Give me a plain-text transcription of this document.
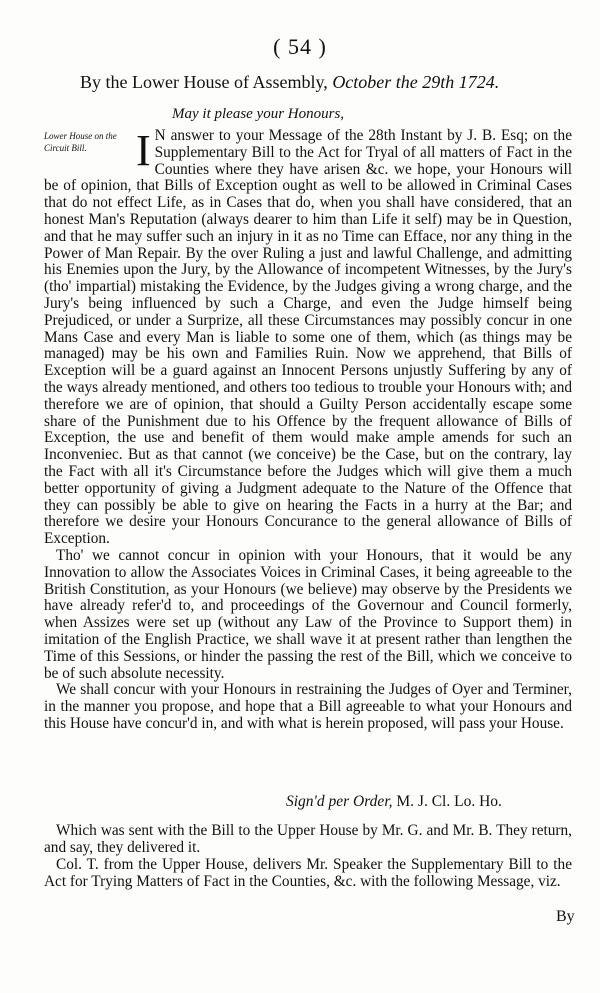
( 54 )
By the Lower House of Assembly, October the 29th 1724.
May it please your Honours,
Lower House on the Circuit Bill.	I N answer to your Message of the 28th Instant by J. B. Esq; on the Supplementary Bill to the Act for Tryal of all matters of Fact in the Counties where they have arisen &c. we hope, your Honours will be of opinion, that Bills of Exception ought as well to be allowed in Criminal Cases that do not effect Life, as in Cases that do, when you shall have considered, that an honest Man's Reputation (always dearer to him than Life it self) may be in Question, and that he may suffer such an injury in it as no Time can Efface, nor any thing in the Power of Man Repair. By the over Ruling a just and lawful Challenge, and admitting his Enemies upon the Jury, by the Allowance of incompetent Witnesses, by the Jury's (tho' impartial) mistaking the Evidence, by the Judges giving a wrong charge, and the Jury's being influenced by such a Charge, and even the Judge himself being Prejudiced, or under a Surprize, all these Circumstances may possibly concur in one Mans Case and every Man is liable to some one of them, which (as things may be managed) may be his own and Families Ruin. Now we apprehend, that Bills of Exception will be a guard against an Innocent Persons unjustly Suffering by any of the ways already mentioned, and others too tedious to trouble your Honours with; and therefore we are of opinion, that should a Guilty Person accidentally escape some share of the Punishment due to his Offence by the frequent allowance of Bills of Exception, the use and benefit of them would make ample amends for such an Inconveniec. But as that cannot (we conceive) be the Case, but on the contrary, lay the Fact with all it's Circumstance before the Judges which will give them a much better opportunity of giving a Judgment adequate to the Nature of the Offence that they can possibly be able to give on hearing the Facts in a hurry at the Bar; and therefore we desire your Honours Concurance to the general allowance of Bills of Exception.

Tho' we cannot concur in opinion with your Honours, that it would be any Innovation to allow the Associates Voices in Criminal Cases, it being agreeable to the British Constitution, as your Honours (we believe) may observe by the Presidents we have already refer'd to, and proceedings of the Governour and Council formerly, when Assizes were set up (without any Law of the Province to Support them) in imitation of the English Practice, we shall wave it at present rather than lengthen the Time of this Sessions, or hinder the passing the rest of the Bill, which we conceive to be of such absolute necessity.

We shall concur with your Honours in restraining the Judges of Oyer and Terminer, in the manner you propose, and hope that a Bill agreeable to what your Honours and this House have concur'd in, and with what is herein proposed, will pass your House.

Sign'd per Order, M. J. Cl. Lo. Ho.

Which was sent with the Bill to the Upper House by Mr. G. and Mr. B. They return, and say, they delivered it.

Col. T. from the Upper House, delivers Mr. Speaker the Supplementary Bill to the Act for Trying Matters of Fact in the Counties, &c. with the following Message, viz.

By
